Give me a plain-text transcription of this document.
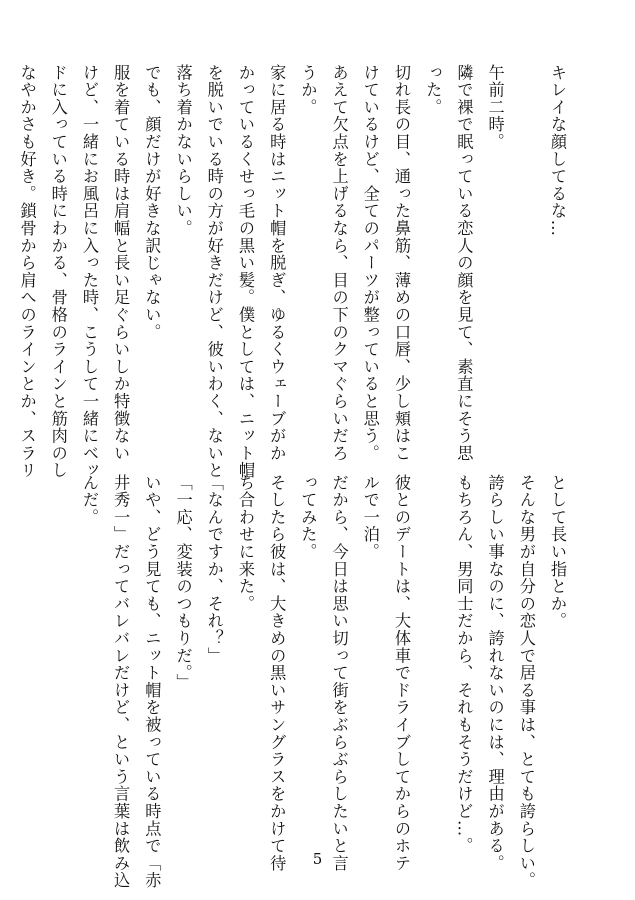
キレイな顔してるな…

午前二時。
隣で裸で眠っている恋人の顔を見て、素直にそう思
った。
切れ長の目、通った鼻筋、薄めの口唇、少し頬はこ
けているけど、全てのパーツが整っていると思う。
あえて欠点を上げるなら、目の下のクマぐらいだろ
うか。
家に居る時はニット帽を脱ぎ、ゆるくウェーブがか
かっているくせっ毛の黒い髪。僕としては、ニット帽
を脱いでいる時の方が好きだけど、彼いわく、ないと
落ち着かないらしい。
でも、顔だけが好きな訳じゃない。
服を着ている時は肩幅と長い足ぐらいしか特徴ない
けど、一緒にお風呂に入った時、こうして一緒にベッ
ドに入っている時にわかる、骨格のラインと筋肉のし
なやかさも好き。鎖骨から肩へのラインとか、スラリ
として長い指とか。
そんな男が自分の恋人で居る事は、とても誇らしい。
誇らしい事なのに、誇れないのには、理由がある。
もちろん、男同士だから、それもそうだけど…。

彼とのデートは、大体車でドライブしてからのホテ
ルで一泊。
だから、今日は思い切って街をぶらぶらしたいと言
ってみた。
そしたら彼は、大きめの黒いサングラスをかけて待
ち合わせに来た。
「なんですか、それ？」
「一応、変装のつもりだ。」
いや、どう見ても、ニット帽を被っている時点で「赤
井秀一」だってバレバレだけど、という言葉は飲み込
んだ。
5
